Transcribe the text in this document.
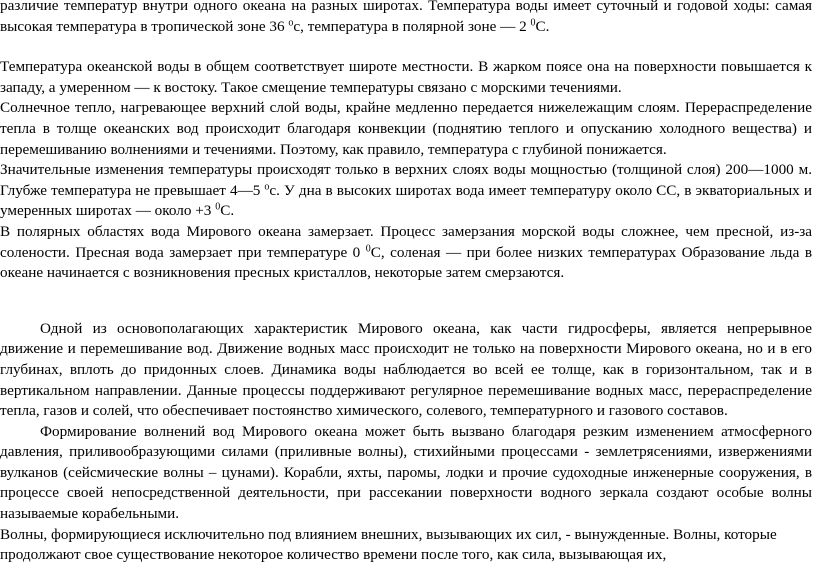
различие температур внутри одного океана на разных широтах. Температура воды имеет суточный и годовой ходы: самая высокая температура в тропической зоне 36 $^о$с, температура в полярной зоне — 2 $^0$С.

Температура океанской воды в общем соответствует широте местности. В жарком поясе она на поверхности повышается к западу, а умеренном — к востоку. Такое смещение температуры связано с морскими течениями.

Солнечное тепло, нагревающее верхний слой воды, крайне медленно передается нижележащим слоям. Перераспределение тепла в толще океанских вод происходит благодаря конвекции (поднятию теплого и опусканию холодного вещества) и перемешиванию волнениями и течениями. Поэтому, как правило, температура с глубиной понижается.

Значительные изменения температуры происходят только в верхних слоях воды мощностью (толщиной слоя) 200—1000 м. Глубже температура не превышает 4—5 $^о$с. У дна в высоких широтах вода имеет температуру около СС, в экваториальных и умеренных широтах — около +3 $^0$С.

В полярных областях вода Мирового океана замерзает. Процесс замерзания морской воды сложнее, чем пресной, из-за солености. Пресная вода замерзает при температуре 0 $^0$С, соленая — при более низких температурах Образование льда в океане начинается с возникновения пресных кристаллов, некоторые затем смерзаются.

Одной из основополагающих характеристик Мирового океана, как части гидросферы, является непрерывное движение и перемешивание вод. Движение водных масс происходит не только на поверхности Мирового океана, но и в его глубинах, вплоть до придонных слоев. Динамика воды наблюдается во всей ее толще, как в горизонтальном, так и в вертикальном направлении. Данные процессы поддерживают регулярное перемешивание водных масс, перераспределение тепла, газов и солей, что обеспечивает постоянство химического, солевого, температурного и газового составов.

Формирование волнений вод Мирового океана может быть вызвано благодаря резким изменением атмосферного давления, приливообразующими силами (приливные волны), стихийными процессами - землетрясениями, извержениями вулканов (сейсмические волны – цунами). Корабли, яхты, паромы, лодки и прочие судоходные инженерные сооружения, в процессе своей непосредственной деятельности, при рассекании поверхности водного зеркала создают особые волны называемые корабельными.

Волны, формирующиеся исключительно под влиянием внешних, вызывающих их сил, - вынужденные. Волны, которые продолжают свое существование некоторое количество времени после того, как сила, вызывающая их,
